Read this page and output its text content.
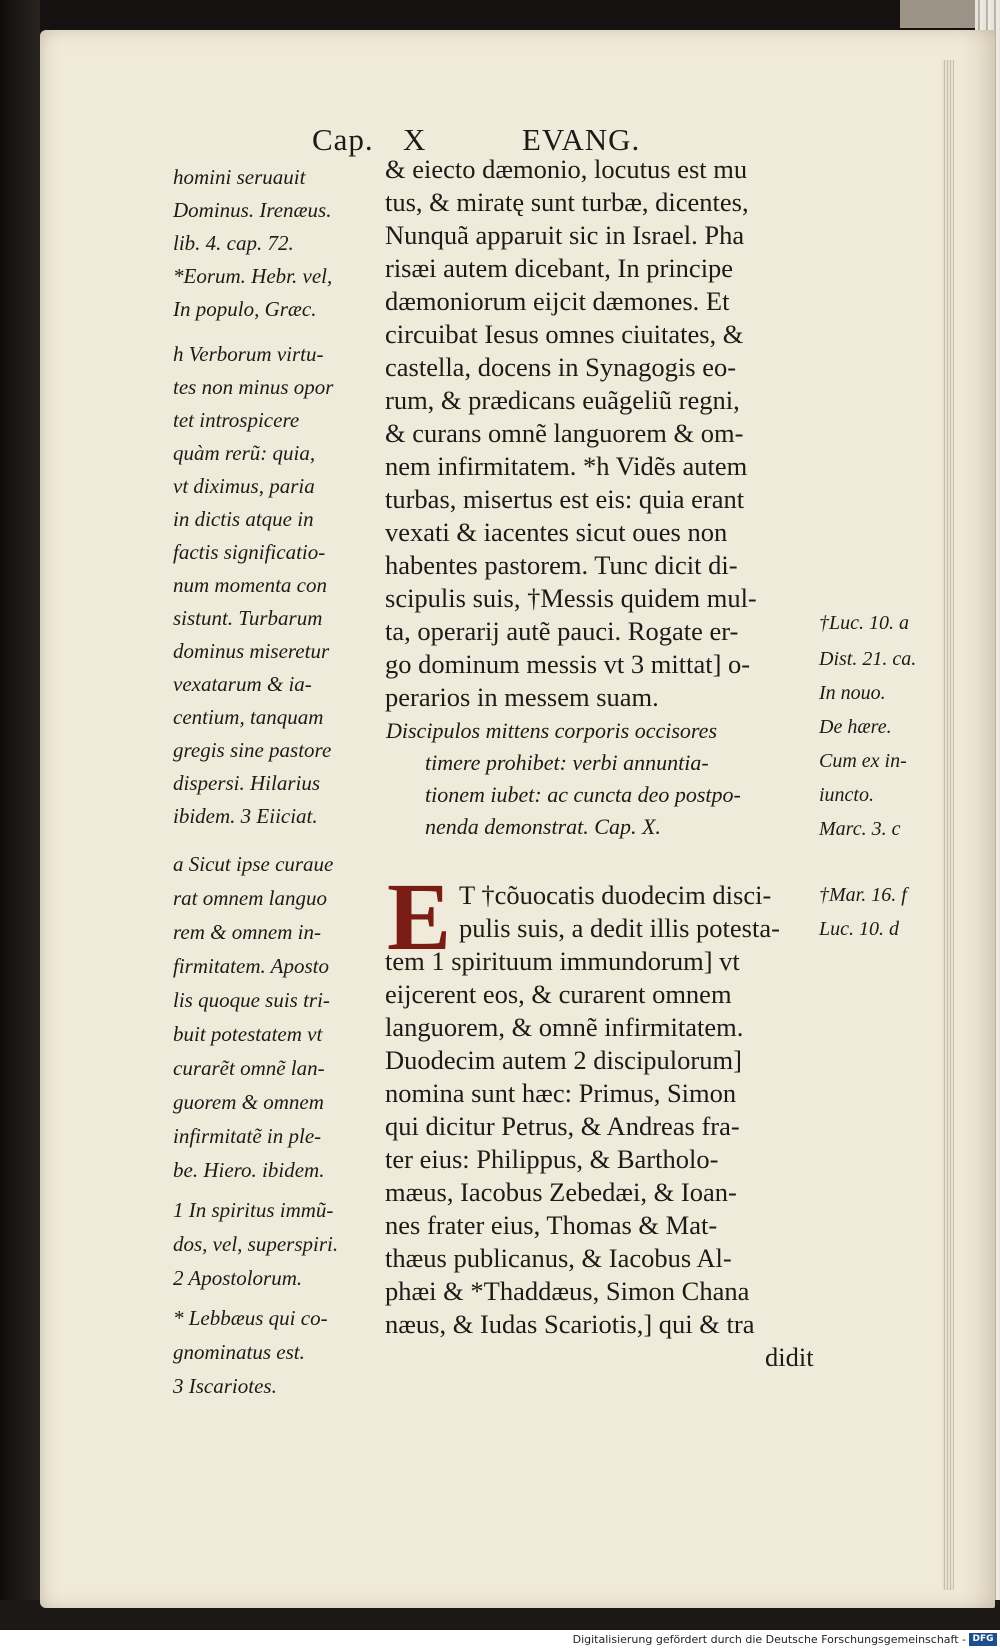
Cap. X	EVANG.
& eiecto dæmonio, locutus est mu
tus, & miratę sunt turbæ, dicentes,
Nunquã apparuit sic in Israel. Pha
risæi autem dicebant, In principe
dæmoniorum eijcit dæmones. Et
circuibat Iesus omnes ciuitates, &
castella, docens in Synagogis eo-
rum, & prædicans euãgeliũ regni,
& curans omnẽ languorem & om-
nem infirmitatem. *h Vidẽs autem
turbas, misertus est eis: quia erant
vexati & iacentes sicut oues non
habentes pastorem. Tunc dicit di-
scipulis suis, †Messis quidem mul-
ta, operarij autẽ pauci. Rogate er-
go dominum messis vt 3 mittat] o-
perarios in messem suam.
Discipulos mittens corporis occisores
timere prohibet: verbi annuntia-
tionem iubet: ac cuncta deo postpo-
nenda demonstrat. Cap. X.
E T †cõuocatis duodecim disci-
pulis suis, a dedit illis potesta-
tem 1 spirituum immundorum] vt
eijcerent eos, & curarent omnem
languorem, & omnẽ infirmitatem.
Duodecim autem 2 discipulorum]
nomina sunt hæc: Primus, Simon
qui dicitur Petrus, & Andreas fra-
ter eius: Philippus, & Bartholo-
mæus, Iacobus Zebedæi, & Ioan-
nes frater eius, Thomas & Mat-
thæus publicanus, & Iacobus Al-
phæi & *Thaddæus, Simon Chana
næus, & Iudas Scariotis,] qui & tra
didit
homini seruauit
Dominus. Irenæus.
lib. 4. cap. 72.
*Eorum. Hebr. vel,
In populo, Græc.
h Verborum virtu-
tes non minus opor
tet introspicere
quàm rerũ: quia,
vt diximus, paria
in dictis atque in
factis significatio-
num momenta con
sistunt. Turbarum
dominus miseretur
vexatarum & ia-
centium, tanquam
gregis sine pastore
dispersi. Hilarius
ibidem. 3 Eiiciat.
a Sicut ipse curaue
rat omnem languo
rem & omnem in-
firmitatem. Aposto
lis quoque suis tri-
buit potestatem vt
curarẽt omnẽ lan-
guorem & omnem
infirmitatẽ in ple-
be. Hiero. ibidem.
1 In spiritus immũ-
dos, vel, superspiri.
2 Apostolorum.
* Lebbæus qui co-
gnominatus est.
3 Iscariotes.
†Luc. 10. a
Dist. 21. ca.
In nouo.
De hære.
Cum ex in-
iuncto.
Marc. 3. c
†Mar. 16. f
Luc. 10. d
Digitalisierung gefördert durch die Deutsche Forschungsgemeinschaft - DFG
